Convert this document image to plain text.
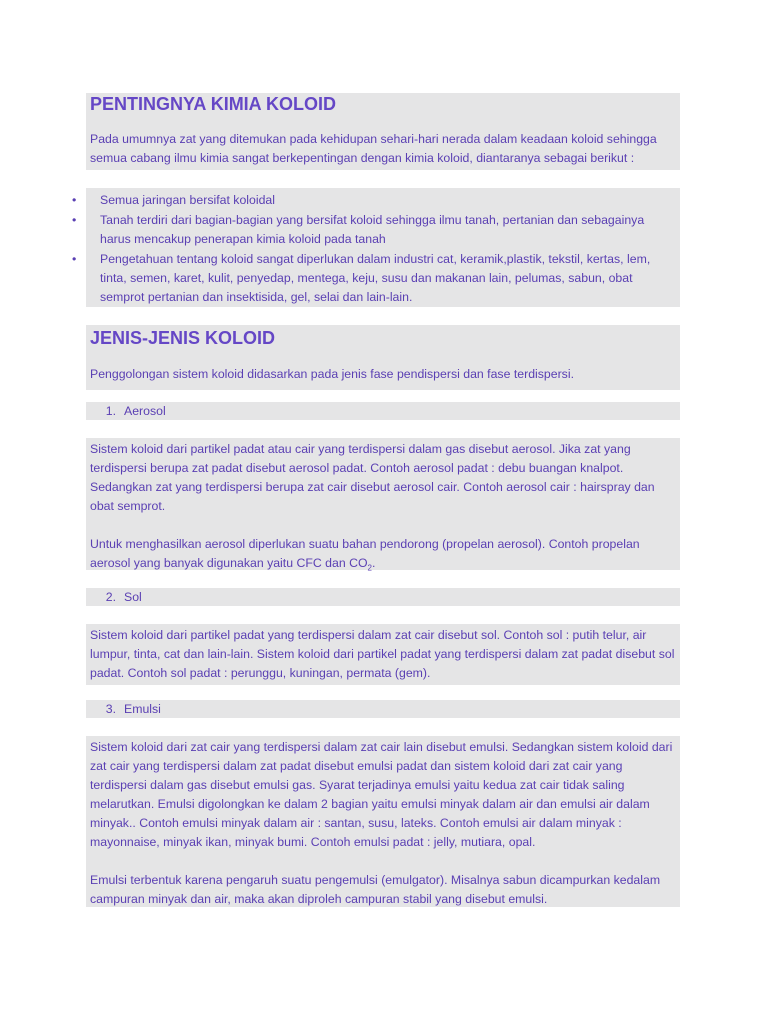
PENTINGNYA KIMIA KOLOID

Pada umumnya zat yang ditemukan pada kehidupan sehari-hari nerada dalam keadaan koloid sehingga semua cabang ilmu kimia sangat berkepentingan dengan kimia koloid, diantaranya sebagai berikut :

• Semua jaringan bersifat koloidal
• Tanah terdiri dari bagian-bagian yang bersifat koloid sehingga ilmu tanah, pertanian dan sebagainya harus mencakup penerapan kimia koloid pada tanah
• Pengetahuan tentang koloid sangat diperlukan dalam industri cat, keramik,plastik, tekstil, kertas, lem, tinta, semen, karet, kulit, penyedap, mentega, keju, susu dan makanan lain, pelumas, sabun, obat semprot pertanian dan insektisida, gel, selai dan lain-lain.
JENIS-JENIS KOLOID

Penggolongan sistem koloid didasarkan pada jenis fase pendispersi dan fase terdispersi.

1. Aerosol

Sistem koloid dari partikel padat atau cair yang terdispersi dalam gas disebut aerosol. Jika zat yang terdispersi berupa zat padat disebut aerosol padat. Contoh aerosol padat : debu buangan knalpot. Sedangkan zat yang terdispersi berupa zat cair disebut aerosol cair. Contoh aerosol cair : hairspray dan obat semprot.

Untuk menghasilkan aerosol diperlukan suatu bahan pendorong (propelan aerosol). Contoh propelan aerosol yang banyak digunakan yaitu CFC dan $CO_2$.

2. Sol

Sistem koloid dari partikel padat yang terdispersi dalam zat cair disebut sol. Contoh sol : putih telur, air lumpur, tinta, cat dan lain-lain. Sistem koloid dari partikel padat yang terdispersi dalam zat padat disebut sol padat. Contoh sol padat : perunggu, kuningan, permata (gem).

3. Emulsi

Sistem koloid dari zat cair yang terdispersi dalam zat cair lain disebut emulsi. Sedangkan sistem koloid dari zat cair yang terdispersi dalam zat padat disebut emulsi padat dan sistem koloid dari zat cair yang terdispersi dalam gas disebut emulsi gas. Syarat terjadinya emulsi yaitu kedua zat cair tidak saling melarutkan. Emulsi digolongkan ke dalam 2 bagian yaitu emulsi minyak dalam air dan emulsi air dalam minyak.. Contoh emulsi minyak dalam air : santan, susu, lateks. Contoh emulsi air dalam minyak : mayonnaise, minyak ikan, minyak bumi. Contoh emulsi padat : jelly, mutiara, opal.

Emulsi terbentuk karena pengaruh suatu pengemulsi (emulgator). Misalnya sabun dicampurkan kedalam campuran minyak dan air, maka akan diproleh campuran stabil yang disebut emulsi.
